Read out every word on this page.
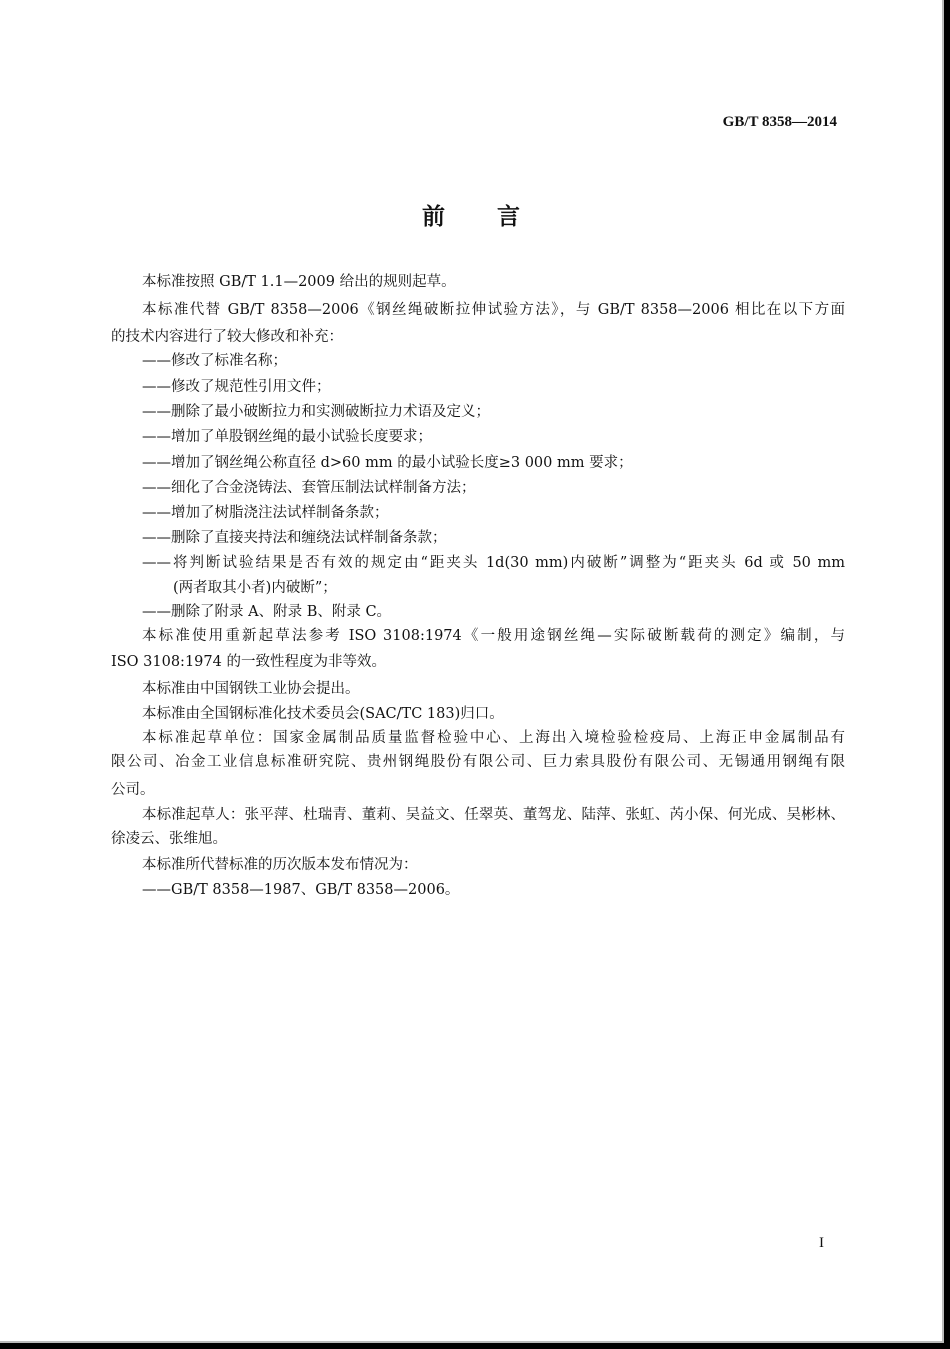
GB/T 8358—2014
前言
本标准按照 GB/T 1.1—2009 给出的规则起草。
本标准代替 GB/T 8358—2006《钢丝绳破断拉伸试验方法》，与 GB/T 8358—2006 相比在以下方面
的技术内容进行了较大修改和补充：
——修改了标准名称；
——修改了规范性引用文件；
——删除了最小破断拉力和实测破断拉力术语及定义；
——增加了单股钢丝绳的最小试验长度要求；
——增加了钢丝绳公称直径 d>60 mm 的最小试验长度≥3 000 mm 要求；
——细化了合金浇铸法、套管压制法试样制备方法；
——增加了树脂浇注法试样制备条款；
——删除了直接夹持法和缠绕法试样制备条款；
——将判断试验结果是否有效的规定由“距夹头 1d(30 mm)内破断”调整为“距夹头 6d 或 50 mm
(两者取其小者)内破断”；
——删除了附录 A、附录 B、附录 C。
本标准使用重新起草法参考 ISO 3108:1974《一般用途钢丝绳—实际破断载荷的测定》编制，与
ISO 3108:1974 的一致性程度为非等效。
本标准由中国钢铁工业协会提出。
本标准由全国钢标准化技术委员会(SAC/TC 183)归口。
本标准起草单位：国家金属制品质量监督检验中心、上海出入境检验检疫局、上海正申金属制品有
限公司、冶金工业信息标准研究院、贵州钢绳股份有限公司、巨力索具股份有限公司、无锡通用钢绳有限
公司。
本标准起草人：张平萍、杜瑞青、董莉、吴益文、任翠英、董驾龙、陆萍、张虹、芮小保、何光成、吴彬林、
徐凌云、张维旭。
本标准所代替标准的历次版本发布情况为：
——GB/T 8358—1987、GB/T 8358—2006。
I
